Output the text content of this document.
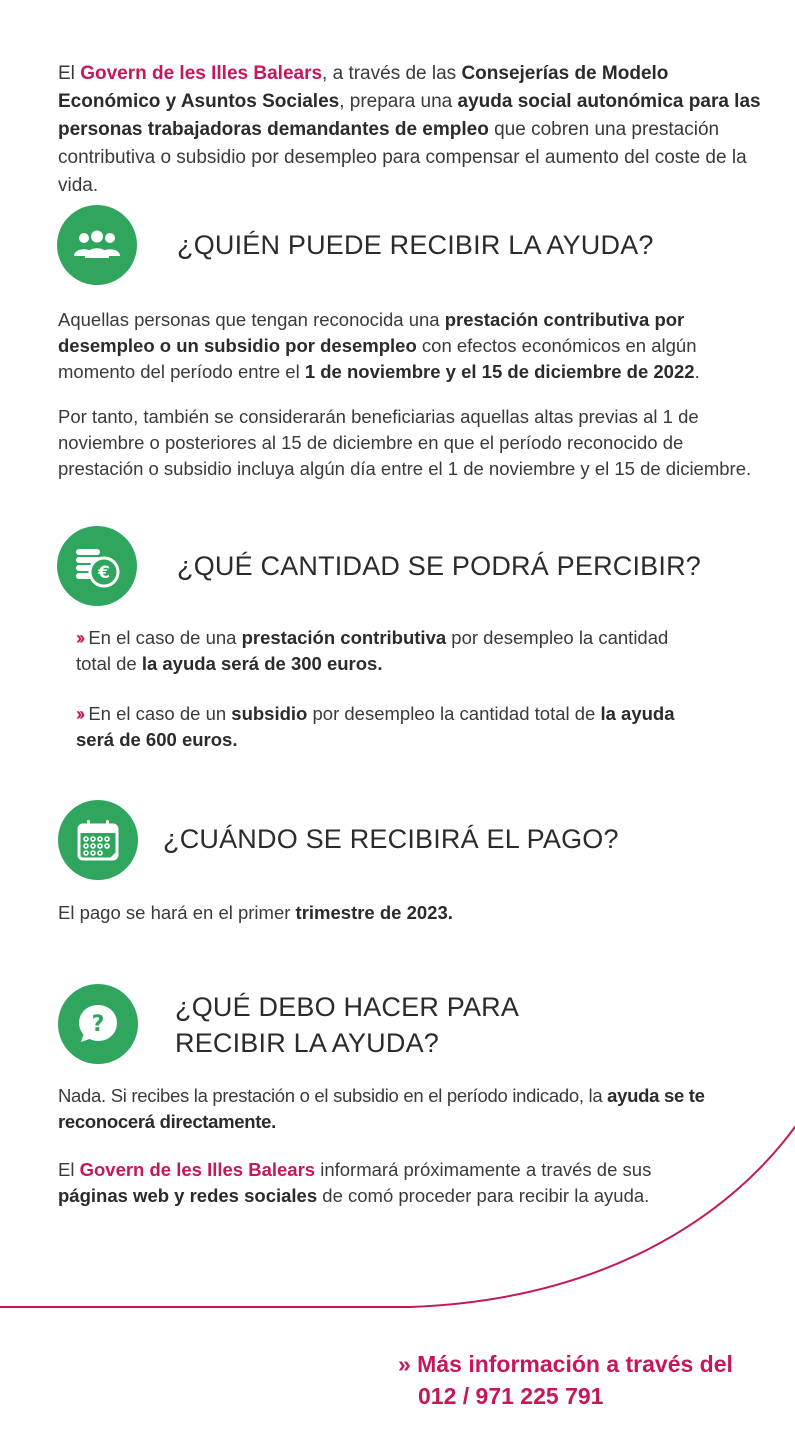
El Govern de les Illes Balears, a través de las Consejerías de Modelo Económico y Asuntos Sociales, prepara una ayuda social autonómica para las personas trabajadoras demandantes de empleo que cobren una prestación contributiva o subsidio por desempleo para compensar el aumento del coste de la vida.

¿QUIÉN PUEDE RECIBIR LA AYUDA?

Aquellas personas que tengan reconocida una prestación contributiva por desempleo o un subsidio por desempleo con efectos económicos en algún momento del período entre el 1 de noviembre y el 15 de diciembre de 2022.

Por tanto, también se considerarán beneficiarias aquellas altas previas al 1 de noviembre o posteriores al 15 de diciembre en que el período reconocido de prestación o subsidio incluya algún día entre el 1 de noviembre y el 15 de diciembre.

€ ¿QUÉ CANTIDAD SE PODRÁ PERCIBIR?
›› En el caso de una prestación contributiva por desempleo la cantidad total de la ayuda será de 300 euros.
›› En el caso de un subsidio por desempleo la cantidad total de la ayuda será de 600 euros.
¿CUÁNDO SE RECIBIRÁ EL PAGO?

El pago se hará en el primer trimestre de 2023.

?
¿QUÉ DEBO HACER PARA
RECIBIR LA AYUDA?

Nada. Si recibes la prestación o el subsidio en el período indicado, la ayuda se te reconocerá directamente.

El Govern de les Illes Balears informará próximamente a través de sus páginas web y redes sociales de comó proceder para recibir la ayuda.

» Más información a través del
012 / 971 225 791
